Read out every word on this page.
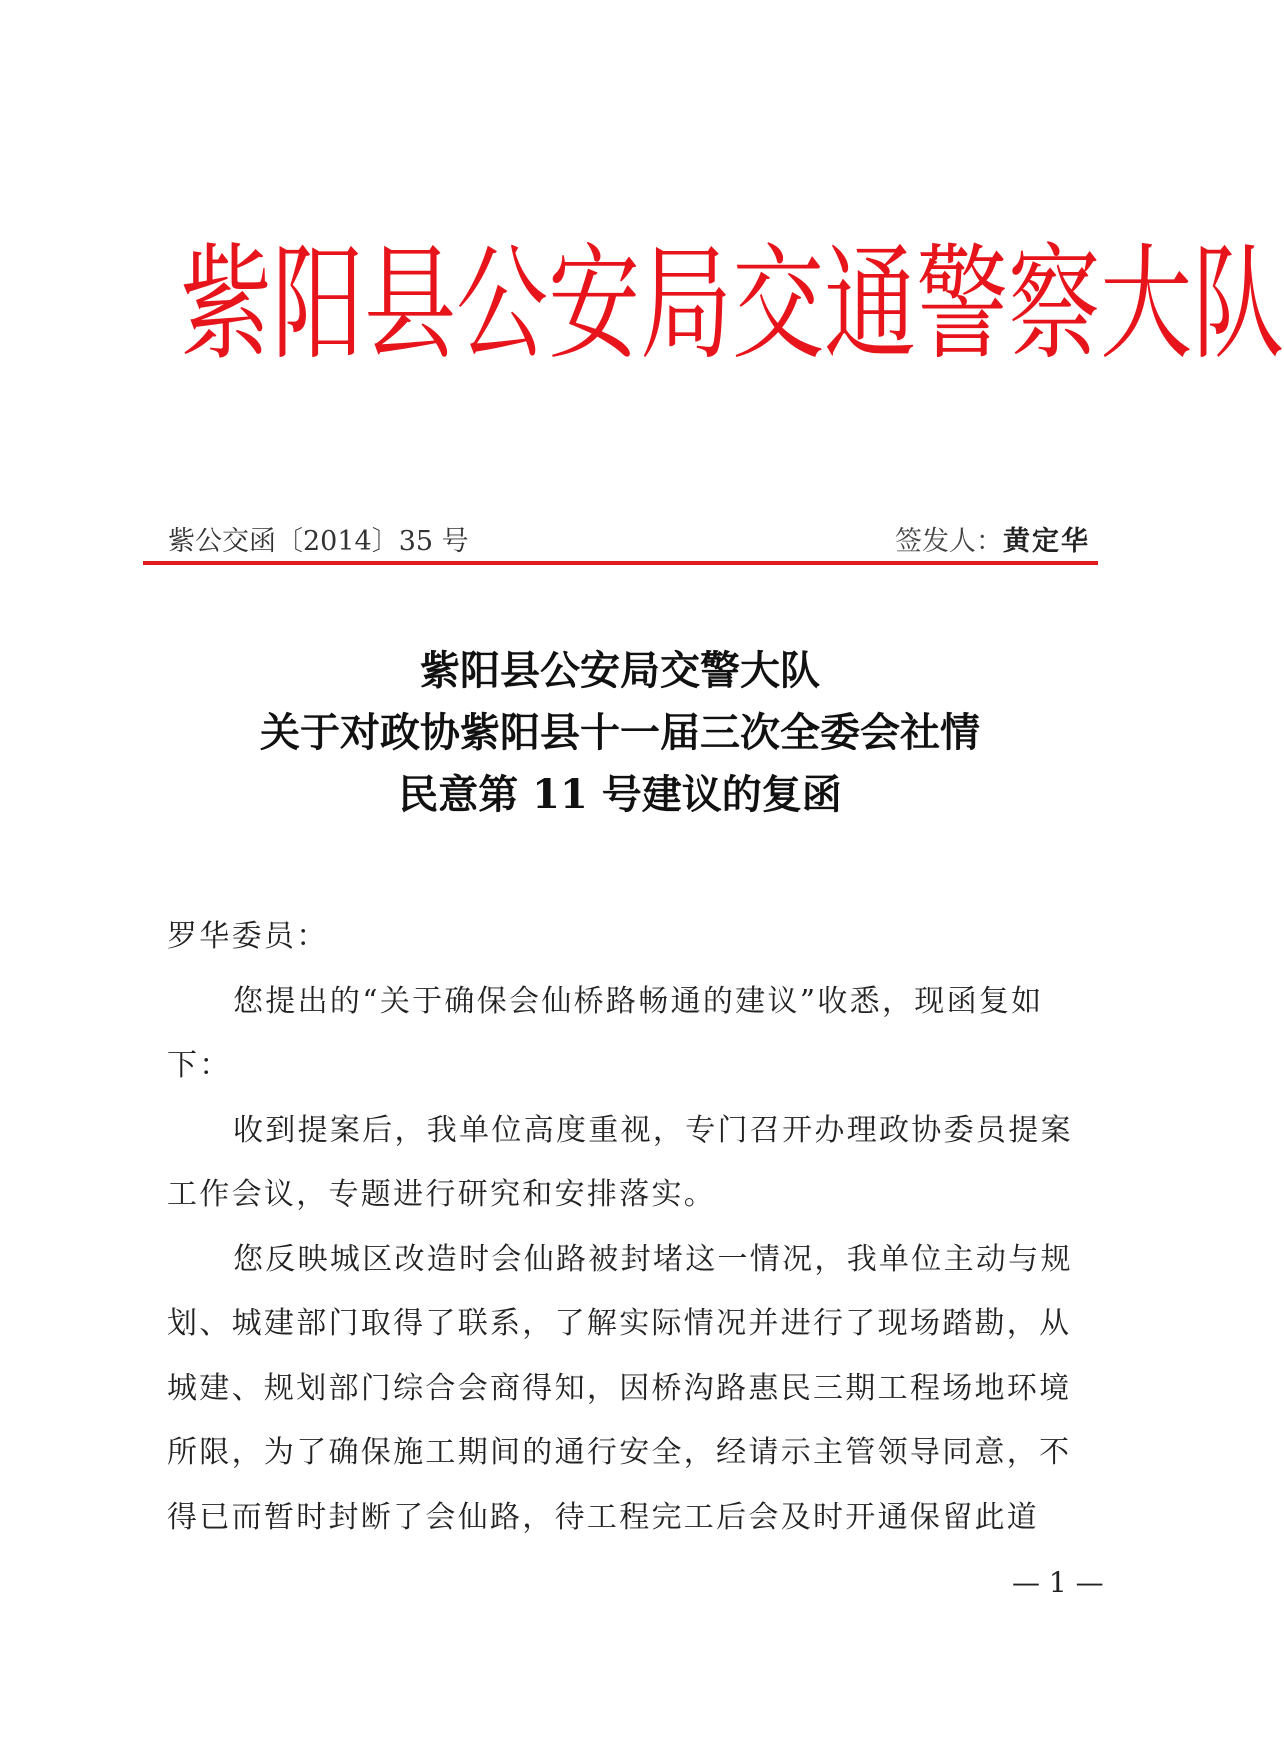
紫 阳 县 公 安 局 交 通 警 察 大 队
紫公交函〔2014〕35 号	签发人：黄定华
紫阳县公安局交警大队
关于对政协紫阳县十一届三次全委会社情
民意第 11 号建议的复函

罗华委员：

您提出的“关于确保会仙桥路畅通的建议”收悉，现函复如下：

收到提案后，我单位高度重视，专门召开办理政协委员提案工作会议，专题进行研究和安排落实。

您反映城区改造时会仙路被封堵这一情况，我单位主动与规划、城建部门取得了联系，了解实际情况并进行了现场踏勘，从城建、规划部门综合会商得知，因桥沟路惠民三期工程场地环境所限，为了确保施工期间的通行安全，经请示主管领导同意，不得已而暂时封断了会仙路，待工程完工后会及时开通保留此道

— 1 —
